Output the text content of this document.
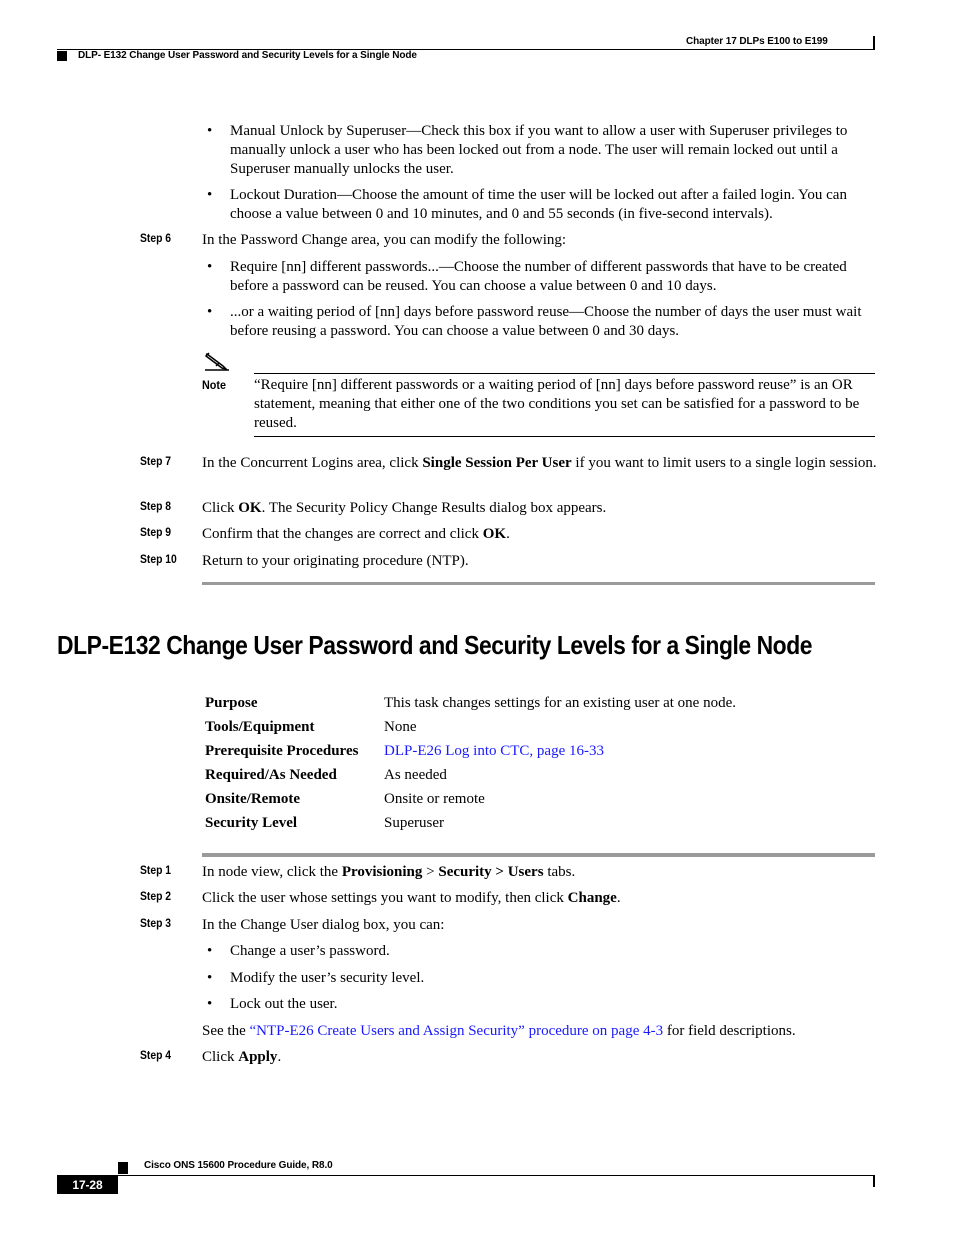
Chapter 17 DLPs E100 to E199
DLP- E132 Change User Password and Security Levels for a Single Node
• Manual Unlock by Superuser—Check this box if you want to allow a user with Superuser privileges to manually unlock a user who has been locked out from a node. The user will remain locked out until a Superuser manually unlocks the user.
• Lockout Duration—Choose the amount of time the user will be locked out after a failed login. You can choose a value between 0 and 10 minutes, and 0 and 55 seconds (in five-second intervals).
Step 6 In the Password Change area, you can modify the following:
• Require [nn] different passwords...—Choose the number of different passwords that have to be created before a password can be reused. You can choose a value between 0 and 10 days.
• ...or a waiting period of [nn] days before password reuse—Choose the number of days the user must wait before reusing a password. You can choose a value between 0 and 30 days.
Note “Require [nn] different passwords or a waiting period of [nn] days before password reuse” is an OR statement, meaning that either one of the two conditions you set can be satisfied for a password to be reused.
Step 7 In the Concurrent Logins area, click Single Session Per User if you want to limit users to a single login session.
Step 8 Click OK. The Security Policy Change Results dialog box appears.
Step 9 Confirm that the changes are correct and click OK.
Step 10 Return to your originating procedure (NTP).
DLP-E132 Change User Password and Security Levels for a Single Node
Purpose	This task changes settings for an existing user at one node.
Tools/Equipment	None
Prerequisite Procedures	DLP-E26 Log into CTC, page 16-33
Required/As Needed	As needed
Onsite/Remote	Onsite or remote
Security Level	Superuser
Step 1 In node view, click the Provisioning > Security > Users tabs.
Step 2 Click the user whose settings you want to modify, then click Change.
Step 3 In the Change User dialog box, you can:
• Change a user’s password.
• Modify the user’s security level.
• Lock out the user.
See the “NTP-E26 Create Users and Assign Security” procedure on page 4-3 for field descriptions.
Step 4 Click Apply.
Cisco ONS 15600 Procedure Guide, R8.0
17-28
